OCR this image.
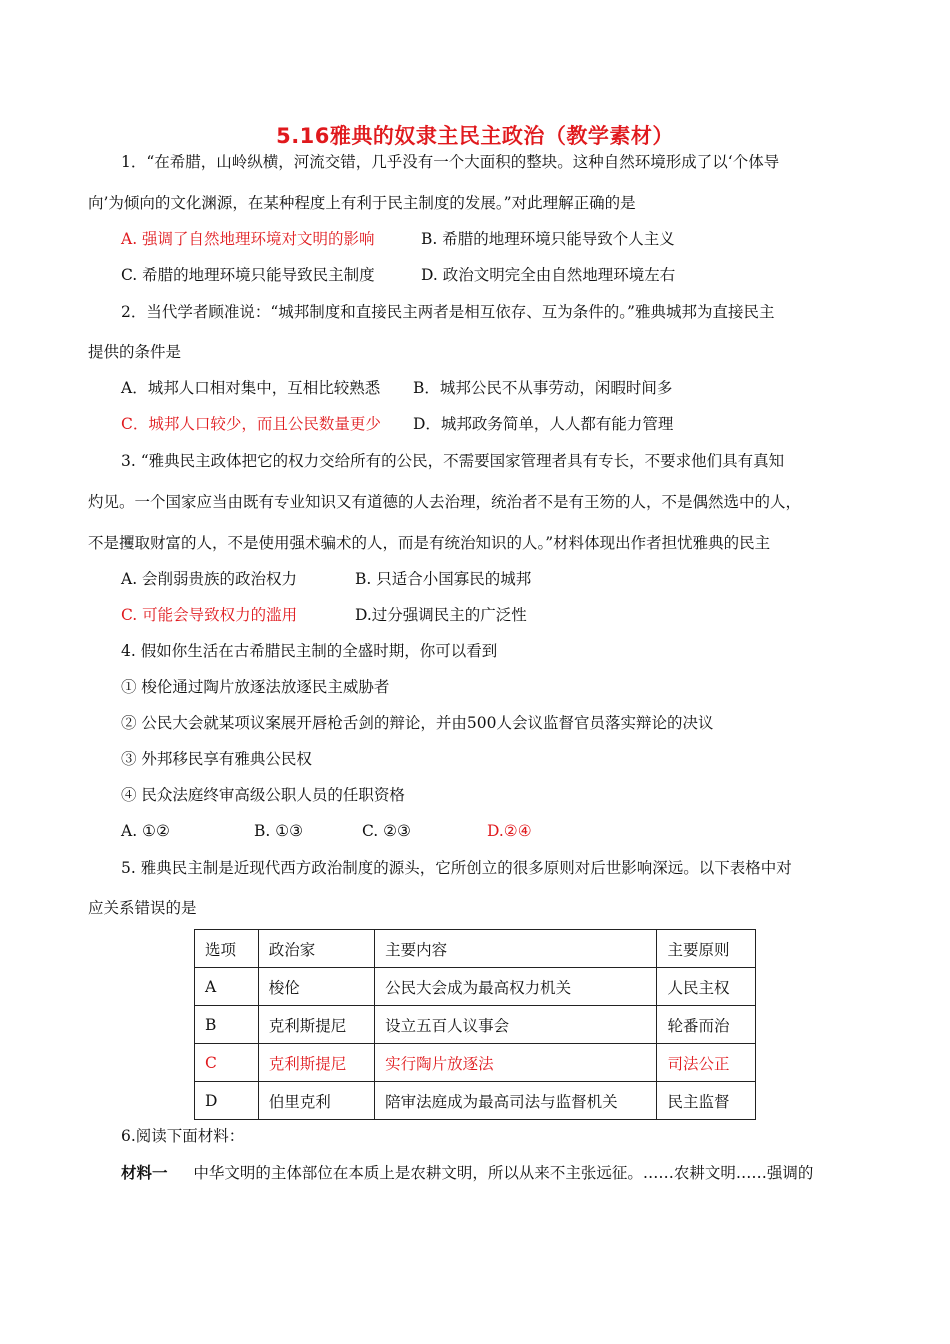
5.16雅典的奴隶主民主政治（教学素材）
1．“在希腊，山岭纵横，河流交错，几乎没有一个大面积的整块。这种自然环境形成了以‘个体导
向’为倾向的文化渊源，在某种程度上有利于民主制度的发展。”对此理解正确的是
A. 强调了自然地理环境对文明的影响	B. 希腊的地理环境只能导致个人主义
C. 希腊的地理环境只能导致民主制度	D. 政治文明完全由自然地理环境左右
2．当代学者顾准说：“城邦制度和直接民主两者是相互依存、互为条件的。”雅典城邦为直接民主
提供的条件是
A．城邦人口相对集中，互相比较熟悉 B．城邦公民不从事劳动，闲暇时间多
C．城邦人口较少，而且公民数量更少 D．城邦政务简单，人人都有能力管理
3. “雅典民主政体把它的权力交给所有的公民，不需要国家管理者具有专长，不要求他们具有真知
灼见。一个国家应当由既有专业知识又有道德的人去治理，统治者不是有王笏的人，不是偶然选中的人，
不是攫取财富的人，不是使用强术骗术的人，而是有统治知识的人。”材料体现出作者担忧雅典的民主
A. 会削弱贵族的政治权力	B. 只适合小国寡民的城邦
C. 可能会导致权力的滥用	D.过分强调民主的广泛性
4. 假如你生活在古希腊民主制的全盛时期，你可以看到
① 梭伦通过陶片放逐法放逐民主威胁者
② 公民大会就某项议案展开唇枪舌剑的辩论，并由500人会议监督官员落实辩论的决议
③ 外邦移民享有雅典公民权
④ 民众法庭终审高级公职人员的任职资格
A. ①②	B. ①③	C. ②③	D.②④
5. 雅典民主制是近现代西方政治制度的源头，它所创立的很多原则对后世影响深远。以下表格中对
应关系错误的是
选项	政治家	主要内容	主要原则
A	梭伦	公民大会成为最高权力机关	人民主权
B	克利斯提尼	设立五百人议事会	轮番而治
C	克利斯提尼	实行陶片放逐法	司法公正
D	伯里克利	陪审法庭成为最高司法与监督机关	民主监督
6.阅读下面材料：
材料一 中华文明的主体部位在本质上是农耕文明，所以从来不主张远征。……农耕文明……强调的
